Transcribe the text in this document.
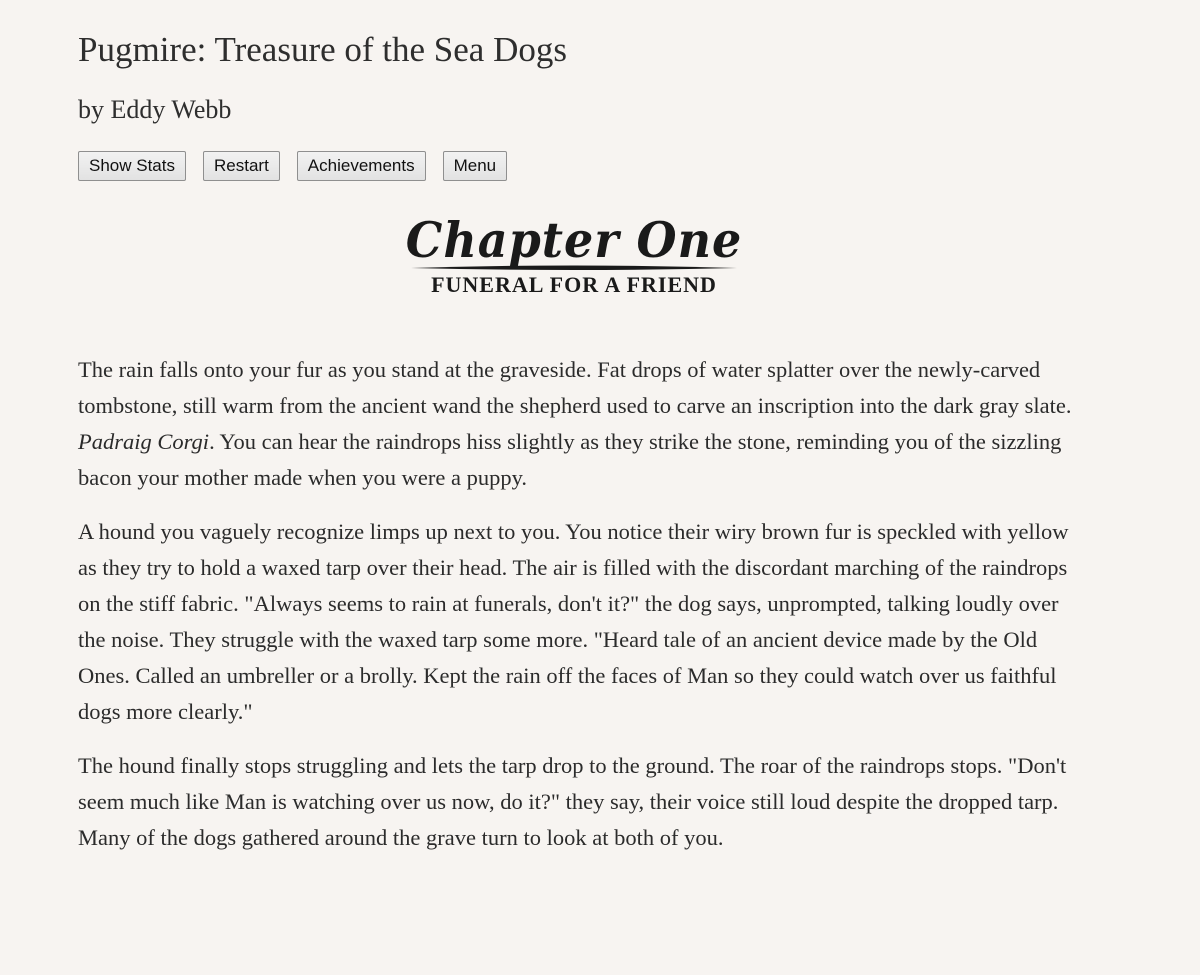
Pugmire: Treasure of the Sea Dogs
by Eddy Webb
Show Stats	Restart	Achievements	Menu
Chapter One
FUNERAL FOR A FRIEND

The rain falls onto your fur as you stand at the graveside. Fat drops of water splatter over the newly-carved tombstone, still warm from the ancient wand the shepherd used to carve an inscription into the dark gray slate. Padraig Corgi. You can hear the raindrops hiss slightly as they strike the stone, reminding you of the sizzling bacon your mother made when you were a puppy.

A hound you vaguely recognize limps up next to you. You notice their wiry brown fur is speckled with yellow as they try to hold a waxed tarp over their head. The air is filled with the discordant marching of the raindrops on the stiff fabric. "Always seems to rain at funerals, don't it?" the dog says, unprompted, talking loudly over the noise. They struggle with the waxed tarp some more. "Heard tale of an ancient device made by the Old Ones. Called an umbreller or a brolly. Kept the rain off the faces of Man so they could watch over us faithful dogs more clearly."

The hound finally stops struggling and lets the tarp drop to the ground. The roar of the raindrops stops. "Don't seem much like Man is watching over us now, do it?" they say, their voice still loud despite the dropped tarp. Many of the dogs gathered around the grave turn to look at both of you.
